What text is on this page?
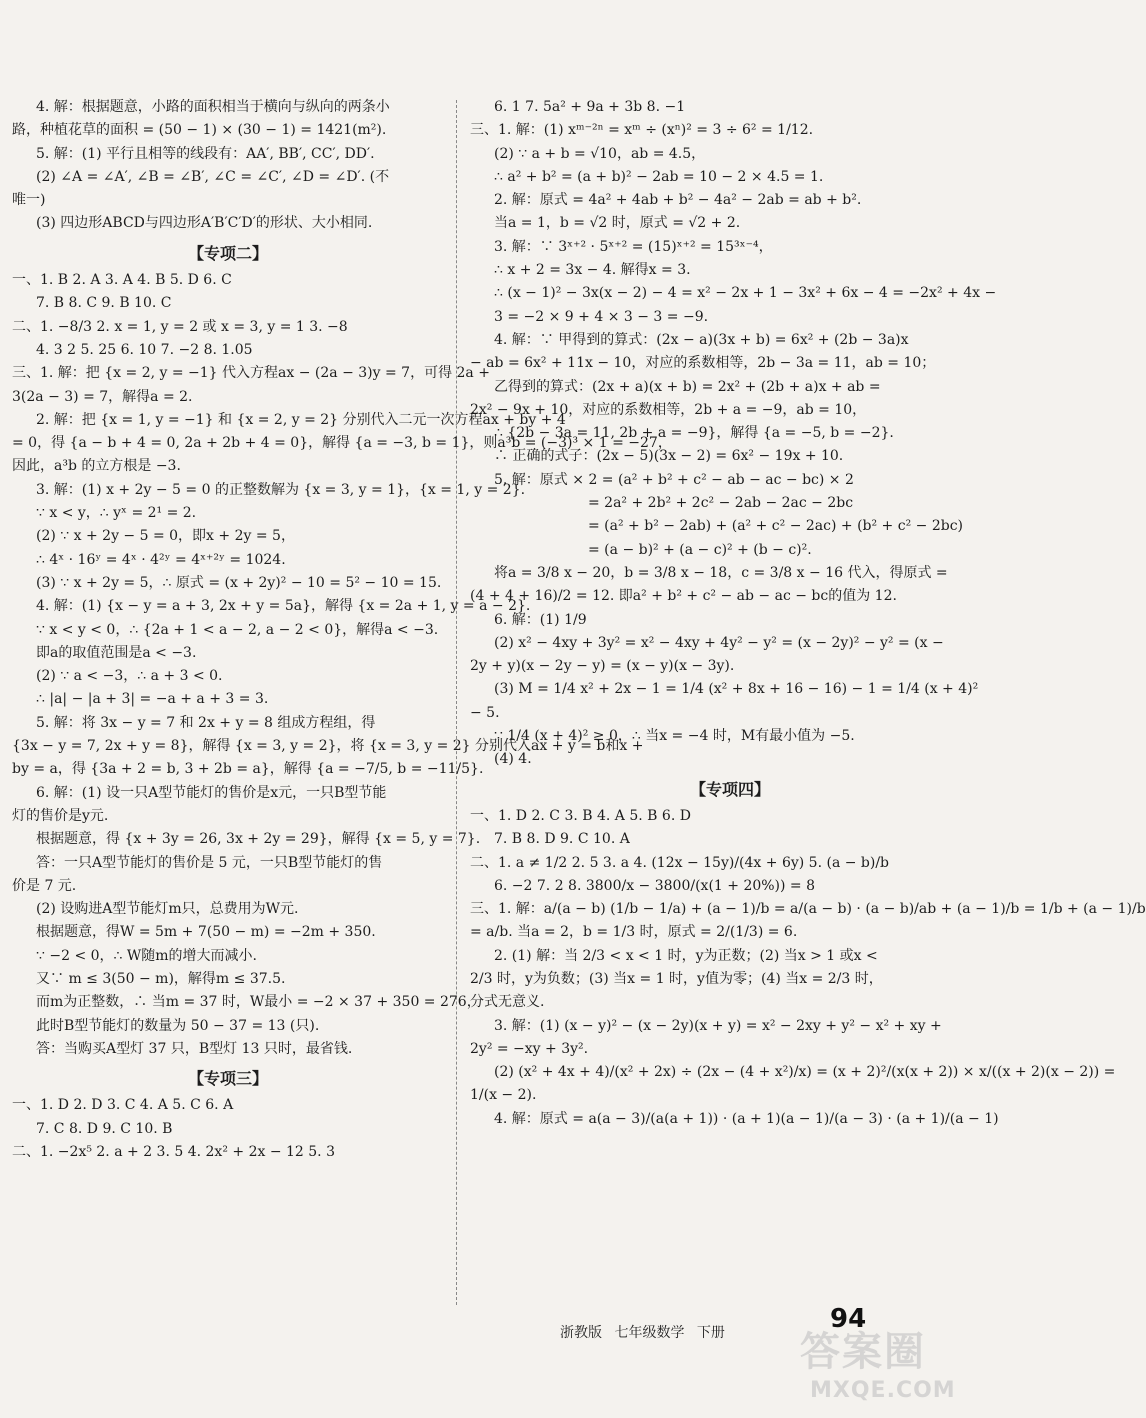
4. 解：根据题意，小路的面积相当于横向与纵向的两条小
路，种植花草的面积 = (50 − 1) × (30 − 1) = 1421(m²).
5. 解：(1) 平行且相等的线段有：AA′, BB′, CC′, DD′.
(2) ∠A = ∠A′, ∠B = ∠B′, ∠C = ∠C′, ∠D = ∠D′. (不
唯一)
(3) 四边形ABCD与四边形A′B′C′D′的形状、大小相同.
【专项二】
一、1. B 2. A 3. A 4. B 5. D 6. C
7. B 8. C 9. B 10. C
二、1. −8/3 2. x = 1, y = 2 或 x = 3, y = 1 3. −8
4. 3 2 5. 25 6. 10 7. −2 8. 1.05
三、1. 解：把 {x = 2, y = −1} 代入方程ax − (2a − 3)y = 7，可得 2a +
3(2a − 3) = 7，解得a = 2.
2. 解：把 {x = 1, y = −1} 和 {x = 2, y = 2} 分别代入二元一次方程ax + by + 4
= 0，得 {a − b + 4 = 0, 2a + 2b + 4 = 0}，解得 {a = −3, b = 1}，则a³b = (−3)³ × 1 = −27，
因此，a³b 的立方根是 −3.
3. 解：(1) x + 2y − 5 = 0 的正整数解为 {x = 3, y = 1}，{x = 1, y = 2}.
∵ x < y，∴ yˣ = 2¹ = 2.
(2) ∵ x + 2y − 5 = 0，即x + 2y = 5，
∴ 4ˣ · 16ʸ = 4ˣ · 4²ʸ = 4ˣ⁺²ʸ = 1024.
(3) ∵ x + 2y = 5，∴ 原式 = (x + 2y)² − 10 = 5² − 10 = 15.
4. 解：(1) {x − y = a + 3, 2x + y = 5a}，解得 {x = 2a + 1, y = a − 2}.
∵ x < y < 0，∴ {2a + 1 < a − 2, a − 2 < 0}，解得a < −3.
即a的取值范围是a < −3.
(2) ∵ a < −3，∴ a + 3 < 0.
∴ |a| − |a + 3| = −a + a + 3 = 3.
5. 解：将 3x − y = 7 和 2x + y = 8 组成方程组，得
{3x − y = 7, 2x + y = 8}，解得 {x = 3, y = 2}，将 {x = 3, y = 2} 分别代入ax + y = b和x +
by = a，得 {3a + 2 = b, 3 + 2b = a}，解得 {a = −7/5, b = −11/5}.
6. 解：(1) 设一只A型节能灯的售价是x元，一只B型节能
灯的售价是y元.
根据题意，得 {x + 3y = 26, 3x + 2y = 29}，解得 {x = 5, y = 7}.
答：一只A型节能灯的售价是 5 元，一只B型节能灯的售
价是 7 元.
(2) 设购进A型节能灯m只，总费用为W元.
根据题意，得W = 5m + 7(50 − m) = −2m + 350.
∵ −2 < 0，∴ W随m的增大而减小.
又∵ m ≤ 3(50 − m)，解得m ≤ 37.5.
而m为正整数，∴ 当m = 37 时，W最小 = −2 × 37 + 350 = 276，
此时B型节能灯的数量为 50 − 37 = 13 (只).
答：当购买A型灯 37 只，B型灯 13 只时，最省钱.
【专项三】
一、1. D 2. D 3. C 4. A 5. C 6. A
7. C 8. D 9. C 10. B
二、1. −2x⁵ 2. a + 2 3. 5 4. 2x² + 2x − 12 5. 3
6. 1 7. 5a² + 9a + 3b 8. −1
三、1. 解：(1) xᵐ⁻²ⁿ = xᵐ ÷ (xⁿ)² = 3 ÷ 6² = 1/12.
(2) ∵ a + b = √10，ab = 4.5，
∴ a² + b² = (a + b)² − 2ab = 10 − 2 × 4.5 = 1.
2. 解：原式 = 4a² + 4ab + b² − 4a² − 2ab = ab + b².
当a = 1，b = √2 时，原式 = √2 + 2.
3. 解：∵ 3ˣ⁺² · 5ˣ⁺² = (15)ˣ⁺² = 15³ˣ⁻⁴，
∴ x + 2 = 3x − 4. 解得x = 3.
∴ (x − 1)² − 3x(x − 2) − 4 = x² − 2x + 1 − 3x² + 6x − 4 = −2x² + 4x −
3 = −2 × 9 + 4 × 3 − 3 = −9.
4. 解：∵ 甲得到的算式：(2x − a)(3x + b) = 6x² + (2b − 3a)x
− ab = 6x² + 11x − 10，对应的系数相等，2b − 3a = 11，ab = 10；
乙得到的算式：(2x + a)(x + b) = 2x² + (2b + a)x + ab =
2x² − 9x + 10，对应的系数相等，2b + a = −9，ab = 10，
∴ {2b − 3a = 11, 2b + a = −9}，解得 {a = −5, b = −2}.
∴ 正确的式子：(2x − 5)(3x − 2) = 6x² − 19x + 10.
5. 解：原式 × 2 = (a² + b² + c² − ab − ac − bc) × 2
= 2a² + 2b² + 2c² − 2ab − 2ac − 2bc
= (a² + b² − 2ab) + (a² + c² − 2ac) + (b² + c² − 2bc)
= (a − b)² + (a − c)² + (b − c)².
将a = 3/8 x − 20，b = 3/8 x − 18，c = 3/8 x − 16 代入，得原式 =
(4 + 4 + 16)/2 = 12. 即a² + b² + c² − ab − ac − bc的值为 12.
6. 解：(1) 1/9
(2) x² − 4xy + 3y² = x² − 4xy + 4y² − y² = (x − 2y)² − y² = (x −
2y + y)(x − 2y − y) = (x − y)(x − 3y).
(3) M = 1/4 x² + 2x − 1 = 1/4 (x² + 8x + 16 − 16) − 1 = 1/4 (x + 4)²
− 5.
∵ 1/4 (x + 4)² ≥ 0，∴ 当x = −4 时，M有最小值为 −5.
(4) 4.
【专项四】
一、1. D 2. C 3. B 4. A 5. B 6. D
7. B 8. D 9. C 10. A
二、1. a ≠ 1/2 2. 5 3. a 4. (12x − 15y)/(4x + 6y) 5. (a − b)/b
6. −2 7. 2 8. 3800/x − 3800/(x(1 + 20%)) = 8
三、1. 解：a/(a − b) (1/b − 1/a) + (a − 1)/b = a/(a − b) · (a − b)/ab + (a − 1)/b = 1/b + (a − 1)/b
= a/b. 当a = 2，b = 1/3 时，原式 = 2/(1/3) = 6.
2. (1) 解：当 2/3 < x < 1 时，y为正数；(2) 当x > 1 或x <
2/3 时，y为负数；(3) 当x = 1 时，y值为零；(4) 当x = 2/3 时，
分式无意义.
3. 解：(1) (x − y)² − (x − 2y)(x + y) = x² − 2xy + y² − x² + xy +
2y² = −xy + 3y².
(2) (x² + 4x + 4)/(x² + 2x) ÷ (2x − (4 + x²)/x) = (x + 2)²/(x(x + 2)) × x/((x + 2)(x − 2)) =
1/(x − 2).
4. 解：原式 = a(a − 3)/(a(a + 1)) · (a + 1)(a − 1)/(a − 3) · (a + 1)/(a − 1)
94
浙教版 七年级数学 下册	答案圈
MXQE.COM
